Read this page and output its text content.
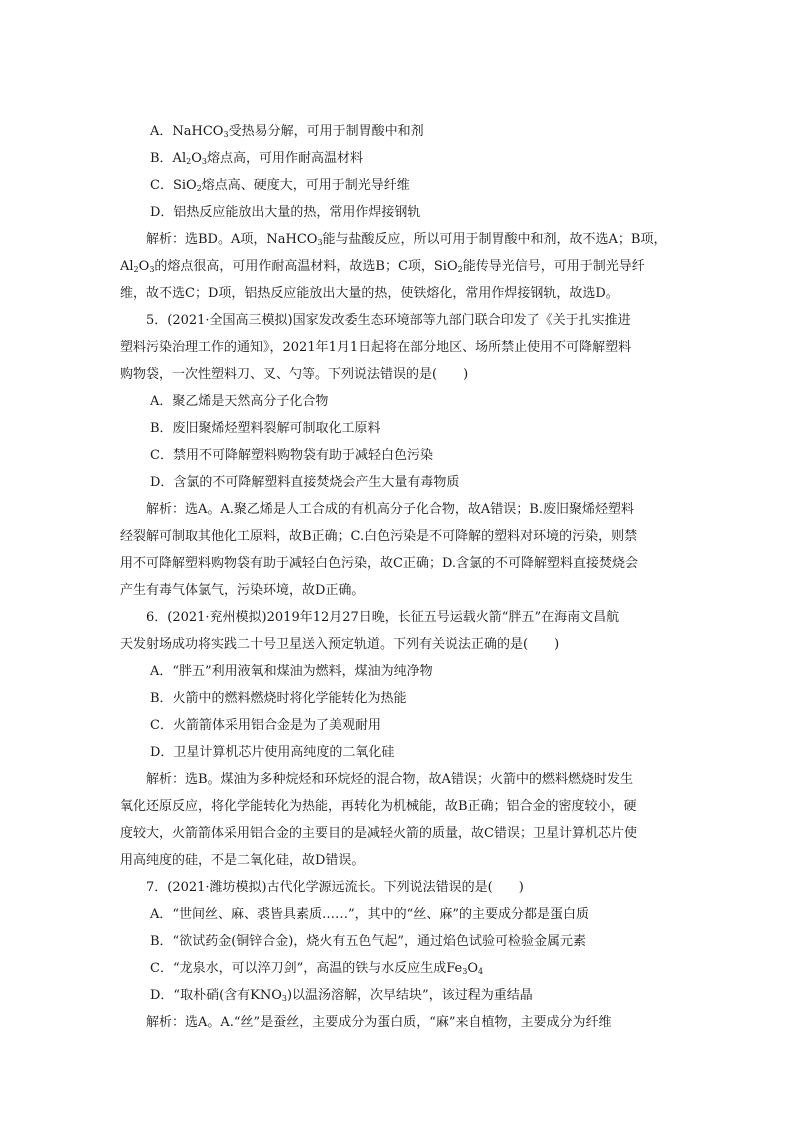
A．NaHCO$_3$受热易分解，可用于制胃酸中和剂
B．$Al_2O_3$熔点高，可用作耐高温材料
C．SiO$_2$熔点高、硬度大，可用于制光导纤维
D．铝热反应能放出大量的热，常用作焊接钢轨
解析：选BD。A项，NaHCO$_3$能与盐酸反应，所以可用于制胃酸中和剂，故不选A；B项，
$Al_2O_3$的熔点很高，可用作耐高温材料，故选B；C项，SiO$_2$能传导光信号，可用于制光导纤
维，故不选C；D项，铝热反应能放出大量的热，使铁熔化，常用作焊接钢轨，故选D。
5．(2021·全国高三模拟)国家发改委生态环境部等九部门联合印发了《关于扎实推进
塑料污染治理工作的通知》，2021年1月1日起将在部分地区、场所禁止使用不可降解塑料
购物袋，一次性塑料刀、叉、勺等。下列说法错误的是(　　)
A．聚乙烯是天然高分子化合物
B．废旧聚烯烃塑料裂解可制取化工原料
C．禁用不可降解塑料购物袋有助于减轻白色污染
D．含氯的不可降解塑料直接焚烧会产生大量有毒物质
解析：选A。A.聚乙烯是人工合成的有机高分子化合物，故A错误；B.废旧聚烯烃塑料
经裂解可制取其他化工原料，故B正确；C.白色污染是不可降解的塑料对环境的污染，则禁
用不可降解塑料购物袋有助于减轻白色污染，故C正确；D.含氯的不可降解塑料直接焚烧会
产生有毒气体氯气，污染环境，故D正确。
6．(2021·兖州模拟)2019年12月27日晚，长征五号运载火箭“胖五”在海南文昌航
天发射场成功将实践二十号卫星送入预定轨道。下列有关说法正确的是(　　)
A．“胖五”利用液氧和煤油为燃料，煤油为纯净物
B．火箭中的燃料燃烧时将化学能转化为热能
C．火箭箭体采用铝合金是为了美观耐用
D．卫星计算机芯片使用高纯度的二氧化硅
解析：选B。煤油为多种烷烃和环烷烃的混合物，故A错误；火箭中的燃料燃烧时发生
氧化还原反应，将化学能转化为热能，再转化为机械能，故B正确；铝合金的密度较小，硬
度较大，火箭箭体采用铝合金的主要目的是减轻火箭的质量，故C错误；卫星计算机芯片使
用高纯度的硅，不是二氧化硅，故D错误。
7．(2021·潍坊模拟)古代化学源远流长。下列说法错误的是(　　)
A．“世间丝、麻、裘皆具素质……”，其中的“丝、麻”的主要成分都是蛋白质
B．“欲试药金(铜锌合金)，烧火有五色气起”，通过焰色试验可检验金属元素
C．“龙泉水，可以淬刀剑”，高温的铁与水反应生成$Fe_3O_4$
D．“取朴硝(含有$KNO_3$)以温汤溶解，次早结块”，该过程为重结晶
解析：选A。A.“丝”是蚕丝，主要成分为蛋白质，“麻”来自植物，主要成分为纤维
